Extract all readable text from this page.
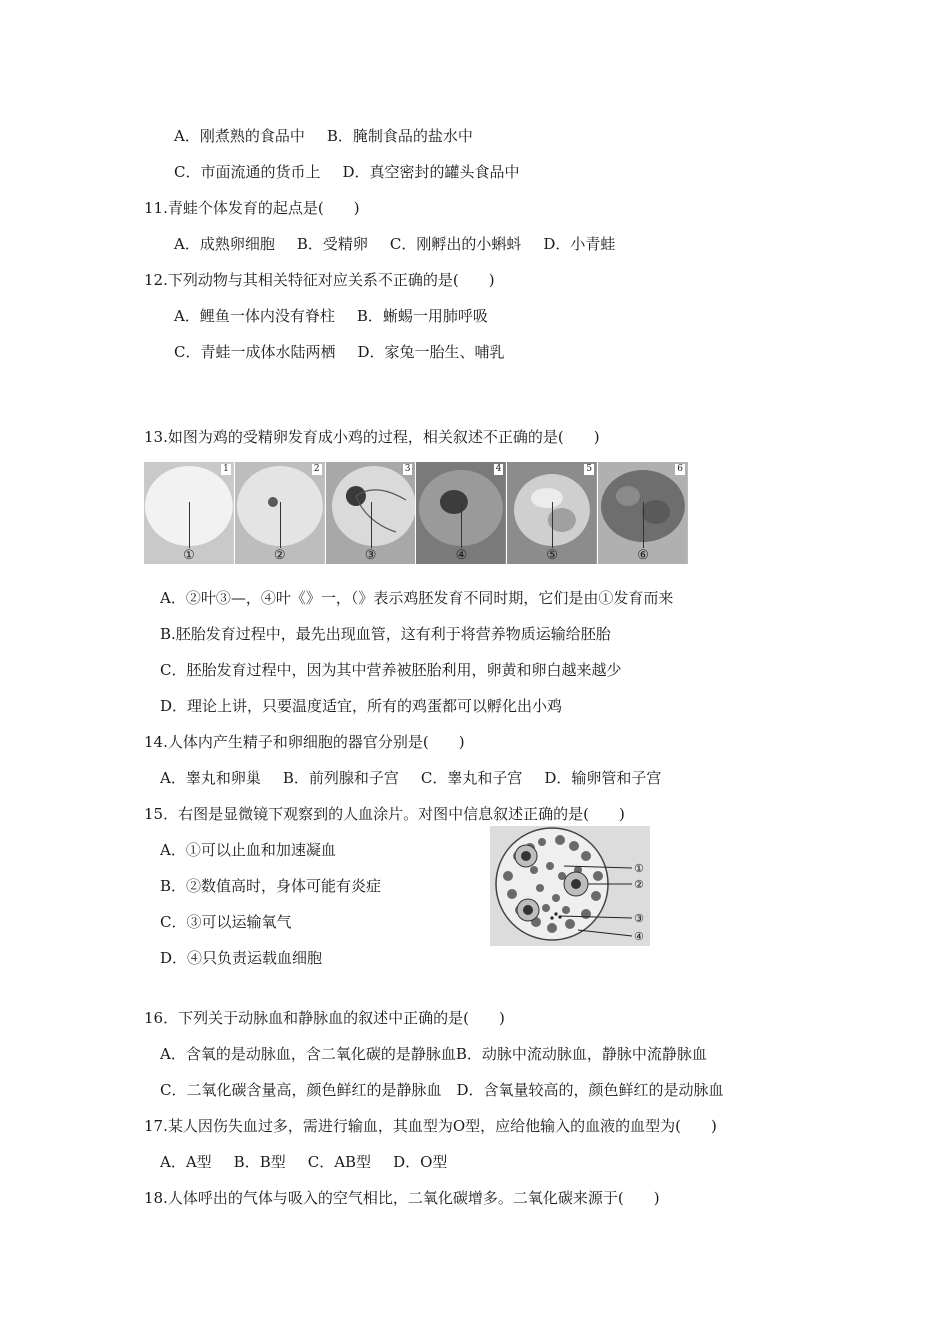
A．刚煮熟的食品中 B．腌制食品的盐水中
C．市面流通的货币上 D．真空密封的罐头食品中
11.青蛙个体发育的起点是(　　)
A．成熟卵细胞 B．受精卵 C．刚孵出的小蝌蚪 D．小青蛙
12.下列动物与其相关特征对应关系不正确的是(　　)
A．鲤鱼一体内没有脊柱 B．蜥蜴一用肺呼吸
C．青蛙一成体水陆两栖 D．家兔一胎生、哺乳
13.如图为鸡的受精卵发育成小鸡的过程，相关叙述不正确的是(　　)
1
①
2
②
3
③
4
④
5
⑤
6
⑥
A．②叶③—，④叶《》一，（》表示鸡胚发育不同时期，它们是由①发育而来
B.胚胎发育过程中，最先出现血管，这有利于将营养物质运输给胚胎
C．胚胎发育过程中，因为其中营养被胚胎利用，卵黄和卵白越来越少
D．理论上讲，只要温度适宜，所有的鸡蛋都可以孵化出小鸡
14.人体内产生精子和卵细胞的器官分别是(　　)
A．睾丸和卵巢 B．前列腺和子宫 C．睾丸和子宫 D．输卵管和子宫
15．右图是显微镜下观察到的人血涂片。对图中信息叙述正确的是(　　)
A．①可以止血和加速凝血
B．②数值高时，身体可能有炎症
C．③可以运输氧气
D．④只负责运载血细胞
①
②
③
④
16．下列关于动脉血和静脉血的叙述中正确的是(　　)
A．含氧的是动脉血，含二氧化碳的是静脉血B．动脉中流动脉血，静脉中流静脉血
C．二氧化碳含量高，颜色鲜红的是静脉血　D．含氧量较高的，颜色鲜红的是动脉血
17.某人因伤失血过多，需进行输血，其血型为O型，应给他输入的血液的血型为(　　)
A．A型 B．B型 C．AB型 D．O型
18.人体呼出的气体与吸入的空气相比，二氧化碳增多。二氧化碳来源于(　　)
